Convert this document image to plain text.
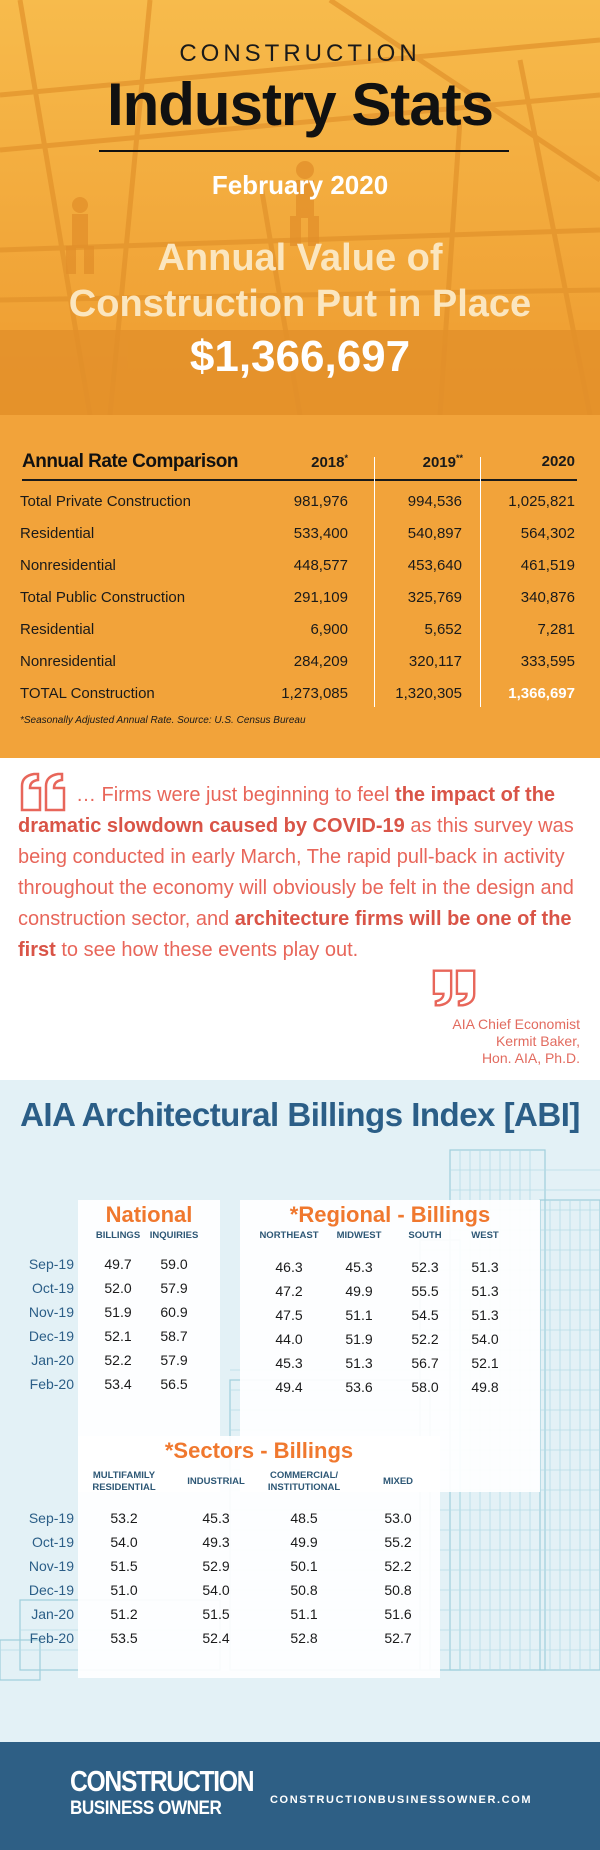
CONSTRUCTION
Industry Stats
February 2020
Annual Value of
Construction Put in Place
$1,366,697
Annual Rate Comparison	2018*	2019**	2020
Total Private Construction	981,976	994,536	1,025,821
Residential	533,400	540,897	564,302
Nonresidential	448,577	453,640	461,519
Total Public Construction	291,109	325,769	340,876
Residential	6,900	5,652	7,281
Nonresidential	284,209	320,117	333,595
TOTAL Construction	1,273,085	1,320,305	1,366,697
*Seasonally Adjusted Annual Rate. Source: U.S. Census Bureau
… Firms were just beginning to feel the impact of the dramatic slowdown caused by COVID-19 as this survey was being conducted in early March, The rapid pull-back in activity throughout the economy will obviously be felt in the design and construction sector, and architecture firms will be one of the first to see how these events play out.
AIA Chief Economist
Kermit Baker,
Hon. AIA, Ph.D.
AIA Architectural Billings Index [ABI]
National	*Regional - Billings
*Sectors - Billings
BILLINGS	INQUIRIES	NORTHEAST	MIDWEST	SOUTH	WEST
Sep-19	49.7	59.0	46.3	45.3	52.3	51.3
Oct-19	52.0	57.9	47.2	49.9	55.5	51.3
Nov-19	51.9	60.9	47.5	51.1	54.5	51.3
Dec-19	52.1	58.7	44.0	51.9	52.2	54.0
Jan-20	52.2	57.9	45.3	51.3	56.7	52.1
Feb-20	53.4	56.5	49.4	53.6	58.0	49.8
MULTIFAMILY
RESIDENTIAL
INDUSTRIAL
COMMERCIAL/
INSTITUTIONAL
MIXED
Sep-19	53.2	45.3	48.5	53.0
Oct-19	54.0	49.3	49.9	55.2
Nov-19	51.5	52.9	50.1	52.2
Dec-19	51.0	54.0	50.8	50.8
Jan-20	51.2	51.5	51.1	51.6
Feb-20	53.5	52.4	52.8	52.7
CONSTRUCTION
BUSINESS OWNER	CONSTRUCTIONBUSINESSOWNER.COM
